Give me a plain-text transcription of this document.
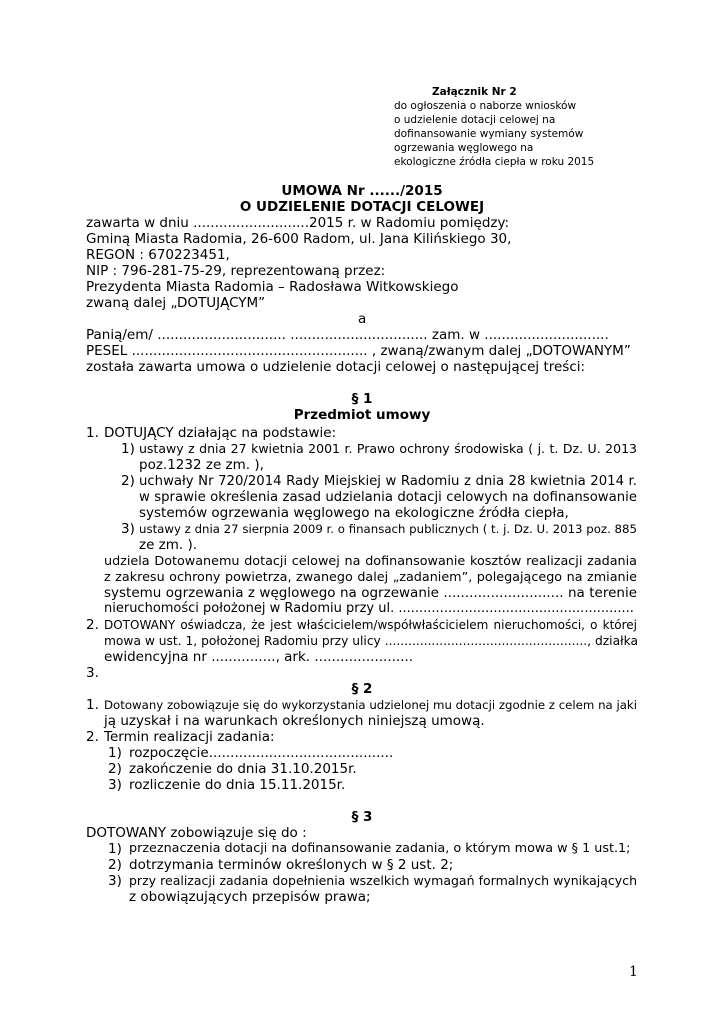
Załącznik Nr 2
do ogłoszenia o naborze wniosków
o udzielenie dotacji celowej na
dofinansowanie wymiany systemów
ogrzewania węglowego na
ekologiczne źródła ciepła w roku 2015
UMOWA Nr ....../2015
O UDZIELENIE DOTACJI CELOWEJ
zawarta w dniu ...........................2015 r. w Radomiu pomiędzy:
Gminą Miasta Radomia, 26-600 Radom, ul. Jana Kilińskiego 30,
REGON : 670223451,
NIP : 796-281-75-29, reprezentowaną przez:
Prezydenta Miasta Radomia – Radosława Witkowskiego
zwaną dalej „DOTUJĄCYM”
a
Panią/em/ .............................. ................................ zam. w .............................
PESEL ....................................................... , zwaną/zwanym dalej „DOTOWANYM”
została zawarta umowa o udzielenie dotacji celowej o następującej treści:
§ 1
Przedmiot umowy
1. DOTUJĄCY działając na podstawie:
1) ustawy z dnia 27 kwietnia 2001 r. Prawo ochrony środowiska ( j. t. Dz. U. 2013
poz.1232 ze zm. ),
2) uchwały Nr 720/2014 Rady Miejskiej w Radomiu z dnia 28 kwietnia 2014 r.
w sprawie określenia zasad udzielania dotacji celowych na dofinansowanie
systemów ogrzewania węglowego na ekologiczne źródła ciepła,
3) ustawy z dnia 27 sierpnia 2009 r. o finansach publicznych ( t. j. Dz. U. 2013 poz. 885
ze zm. ).
udziela Dotowanemu dotacji celowej na dofinansowanie kosztów realizacji zadania
z zakresu ochrony powietrza, zwanego dalej „zadaniem”, polegającego na zmianie
systemu ogrzewania z węglowego na ogrzewanie ............................ na terenie
nieruchomości położonej w Radomiu przy ul. .........................................................
2. DOTOWANY oświadcza, że jest właścicielem/współwłaścicielem nieruchomości, o której
mowa w ust. 1, położonej Radomiu przy ulicy ...................................................., działka
ewidencyjna nr ..............., ark. .......................
3.
§ 2
1. Dotowany zobowiązuje się do wykorzystania udzielonej mu dotacji zgodnie z celem na jaki
ją uzyskał i na warunkach określonych niniejszą umową.
2. Termin realizacji zadania:
1) rozpoczęcie...........................................
2) zakończenie do dnia 31.10.2015r.
3) rozliczenie do dnia 15.11.2015r.
§ 3
DOTOWANY zobowiązuje się do :
1) przeznaczenia dotacji na dofinansowanie zadania, o którym mowa w § 1 ust.1;
2) dotrzymania terminów określonych w § 2 ust. 2;
3) przy realizacji zadania dopełnienia wszelkich wymagań formalnych wynikających
z obowiązujących przepisów prawa;
1
